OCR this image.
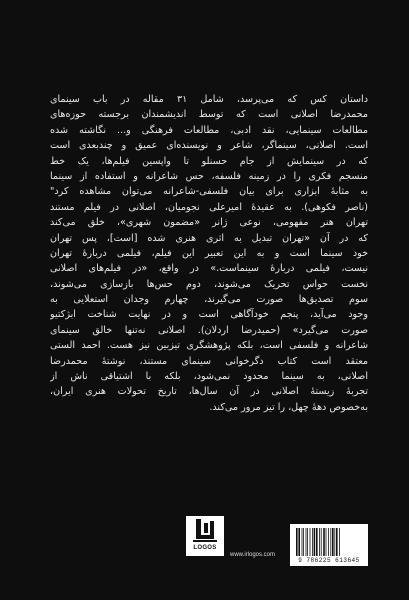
داستان کس که می‌پرسد، شامل ۳۱ مقاله در باب سینمای
محمدرضا اصلانی است که توسط اندیشمندان برجسته حوزه‌های
مطالعات سینمایی، نقد ادبی، مطالعات فرهنگی و... نگاشته شده
است. اصلانی، سینماگر، شاعر و نویسنده‌ای عمیق و چندبعدی است
که در سینمایش از جام حسنلو تا واپسین فیلم‌ها، یک خط
منسجم فکری را در زمینه فلسفه، حس شاعرانه و استفاده از سینما
به مثابهٔ ابزاری برای بیان فلسفی-شاعرانه می‌توان مشاهده کرد"
(ناصر فکوهی). به عقیدهٔ امیرعلی نجومیان، اصلانی در فیلم مستند
تهران هنر مفهومی، نوعی ژانر «مضمون شهری»، خلق می‌کند
که در آن «تهران تبدیل به اثری هنری شده [است]، پس تهران
خود سینما است و به این تعبیر این فیلم، فیلمی دربارهٔ تهران
نیست، فیلمی دربارهٔ سینماست.» در واقع، «در فیلم‌های اصلانی
نخست حواس تحریک می‌شوند، دوم حس‌ها بازسازی می‌شوند،
سوم تصدیق‌ها صورت می‌گیرند، چهارم وجدان استعلایی به
وجود می‌آید، پنجم خودآگاهی است و در نهایت شناخت ابژکتیو
صورت می‌گیرد» (حمیدرضا اردلان). اصلانی نه‌تنها خالق سینمای
شاعرانه و فلسفی است، بلکه پژوهشگری تیزبین نیز هست. احمد الستی
معتقد است کتاب دگرخوانی سینمای مستند، نوشتهٔ محمدرضا
اصلانی، به سینما محدود نمی‌شود، بلکه با اشتیاقی ناش از
تجربهٔ زیستهٔ اصلانی در آن سال‌ها، تاریخ تحولات هنری ایران،
به‌خصوص دههٔ چهل، را تیز مرور می‌کند.
LOGOS
www.irlogos.com
9 786225 613645
